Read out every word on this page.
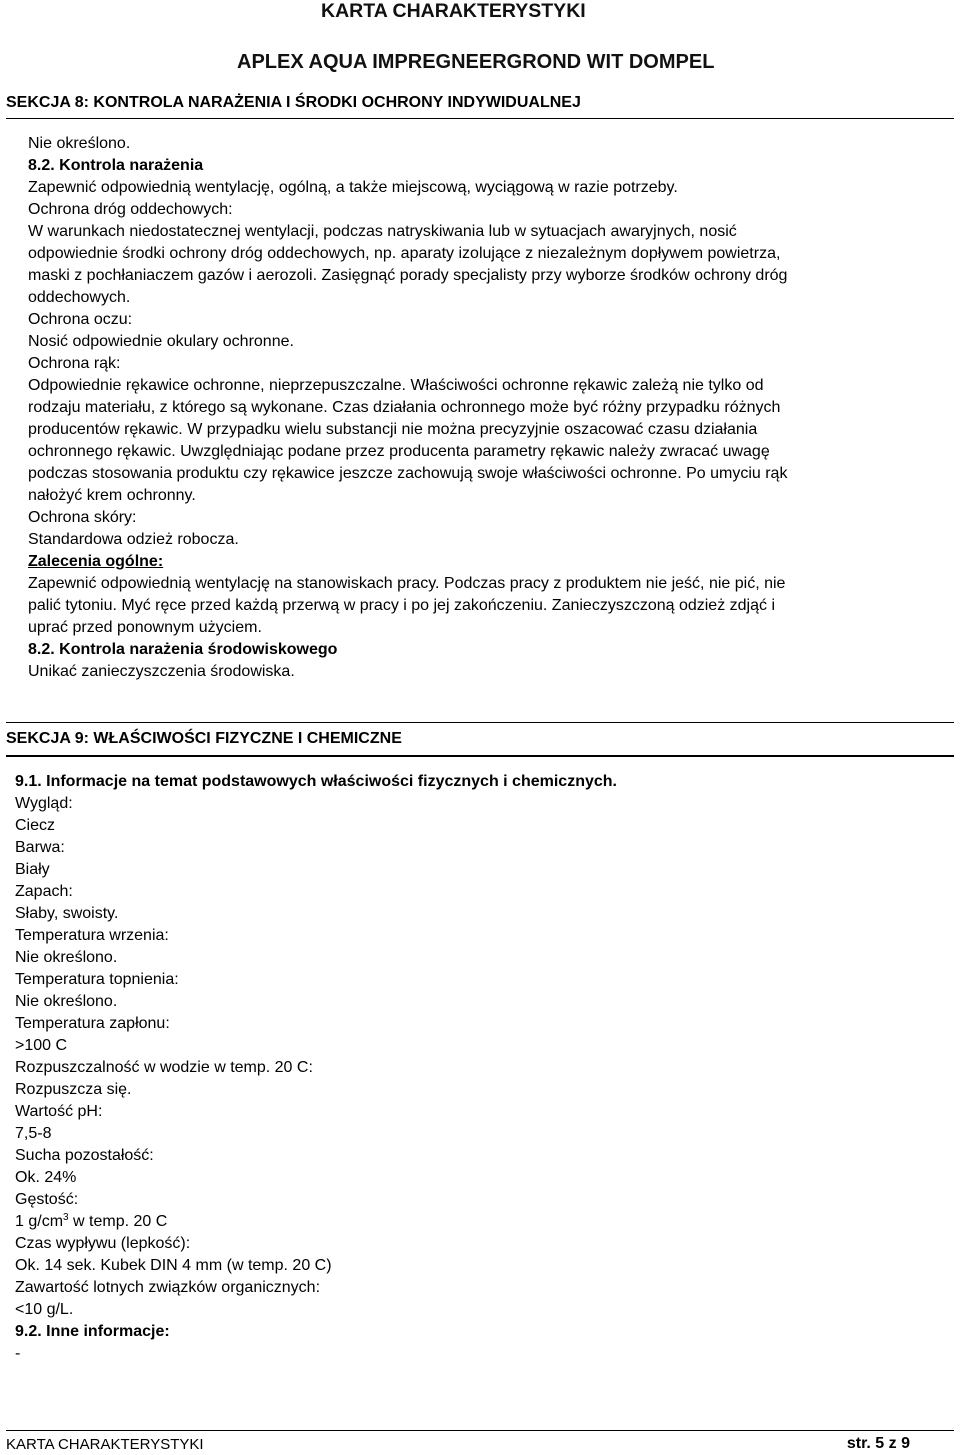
KARTA CHARAKTERYSTYKI
APLEX AQUA IMPREGNEERGROND WIT DOMPEL
SEKCJA 8: KONTROLA NARAŻENIA I ŚRODKI OCHRONY INDYWIDUALNEJ
Nie określono.
8.2. Kontrola narażenia
Zapewnić odpowiednią wentylację, ogólną, a także miejscową, wyciągową w razie potrzeby.
Ochrona dróg oddechowych:
W warunkach niedostatecznej wentylacji, podczas natryskiwania lub w sytuacjach awaryjnych, nosić
odpowiednie środki ochrony dróg oddechowych, np. aparaty izolujące z niezależnym dopływem powietrza,
maski z pochłaniaczem gazów i aerozoli. Zasięgnąć porady specjalisty przy wyborze środków ochrony dróg
oddechowych.
Ochrona oczu:
Nosić odpowiednie okulary ochronne.
Ochrona rąk:
Odpowiednie rękawice ochronne, nieprzepuszczalne. Właściwości ochronne rękawic zależą nie tylko od
rodzaju materiału, z którego są wykonane. Czas działania ochronnego może być różny przypadku różnych
producentów rękawic. W przypadku wielu substancji nie można precyzyjnie oszacować czasu działania
ochronnego rękawic. Uwzględniając podane przez producenta parametry rękawic należy zwracać uwagę
podczas stosowania produktu czy rękawice jeszcze zachowują swoje właściwości ochronne. Po umyciu rąk
nałożyć krem ochronny.
Ochrona skóry:
Standardowa odzież robocza.
Zalecenia ogólne:
Zapewnić odpowiednią wentylację na stanowiskach pracy. Podczas pracy z produktem nie jeść, nie pić, nie
palić tytoniu. Myć ręce przed każdą przerwą w pracy i po jej zakończeniu. Zanieczyszczoną odzież zdjąć i
uprać przed ponownym użyciem.
8.2. Kontrola narażenia środowiskowego
Unikać zanieczyszczenia środowiska.
SEKCJA 9: WŁAŚCIWOŚCI FIZYCZNE I CHEMICZNE
9.1. Informacje na temat podstawowych właściwości fizycznych i chemicznych.
Wygląd:
Ciecz
Barwa:
Biały
Zapach:
Słaby, swoisty.
Temperatura wrzenia:
Nie określono.
Temperatura topnienia:
Nie określono.
Temperatura zapłonu:
>100 C
Rozpuszczalność w wodzie w temp. 20 C:
Rozpuszcza się.
Wartość pH:
7,5-8
Sucha pozostałość:
Ok. 24%
Gęstość:
1 $g/cm^3$ w temp. 20 C
Czas wypływu (lepkość):
Ok. 14 sek. Kubek DIN 4 mm (w temp. 20 C)
Zawartość lotnych związków organicznych:
<10 g/L.
9.2. Inne informacje:
-
KARTA CHARAKTERYSTYKI	str. 5 z 9
